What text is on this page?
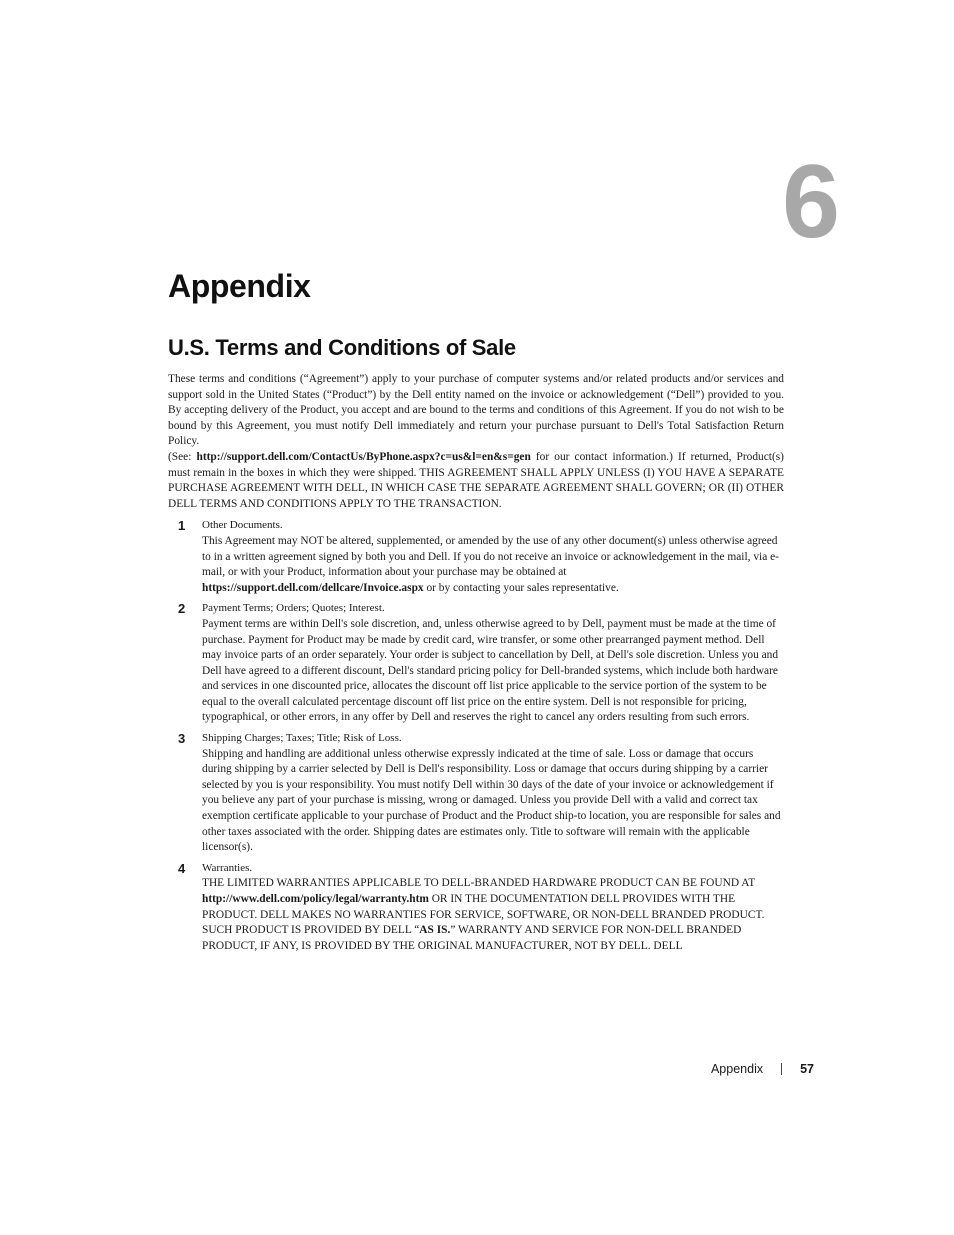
6
Appendix
U.S. Terms and Conditions of Sale

These terms and conditions (“Agreement”) apply to your purchase of computer systems and/or related products and/or services and support sold in the United States (“Product”) by the Dell entity named on the invoice or acknowledgement (“Dell”) provided to you. By accepting delivery of the Product, you accept and are bound to the terms and conditions of this Agreement. If you do not wish to be bound by this Agreement, you must notify Dell immediately and return your purchase pursuant to Dell's Total Satisfaction Return Policy.

(See: http://support.dell.com/ContactUs/ByPhone.aspx?c=us&l=en&s=gen for our contact information.) If returned, Product(s) must remain in the boxes in which they were shipped. THIS AGREEMENT SHALL APPLY UNLESS (I) YOU HAVE A SEPARATE PURCHASE AGREEMENT WITH DELL, IN WHICH CASE THE SEPARATE AGREEMENT SHALL GOVERN; OR (II) OTHER DELL TERMS AND CONDITIONS APPLY TO THE TRANSACTION.

1 Other Documents.

This Agreement may NOT be altered, supplemented, or amended by the use of any other document(s) unless otherwise agreed to in a written agreement signed by both you and Dell. If you do not receive an invoice or acknowledgement in the mail, via e-mail, or with your Product, information about your purchase may be obtained at https://support.dell.com/dellcare/Invoice.aspx or by contacting your sales representative.

2 Payment Terms; Orders; Quotes; Interest.

Payment terms are within Dell's sole discretion, and, unless otherwise agreed to by Dell, payment must be made at the time of purchase. Payment for Product may be made by credit card, wire transfer, or some other prearranged payment method. Dell may invoice parts of an order separately. Your order is subject to cancellation by Dell, at Dell's sole discretion. Unless you and Dell have agreed to a different discount, Dell's standard pricing policy for Dell-branded systems, which include both hardware and services in one discounted price, allocates the discount off list price applicable to the service portion of the system to be equal to the overall calculated percentage discount off list price on the entire system. Dell is not responsible for pricing, typographical, or other errors, in any offer by Dell and reserves the right to cancel any orders resulting from such errors.

3 Shipping Charges; Taxes; Title; Risk of Loss.

Shipping and handling are additional unless otherwise expressly indicated at the time of sale. Loss or damage that occurs during shipping by a carrier selected by Dell is Dell's responsibility. Loss or damage that occurs during shipping by a carrier selected by you is your responsibility. You must notify Dell within 30 days of the date of your invoice or acknowledgement if you believe any part of your purchase is missing, wrong or damaged. Unless you provide Dell with a valid and correct tax exemption certificate applicable to your purchase of Product and the Product ship-to location, you are responsible for sales and other taxes associated with the order. Shipping dates are estimates only. Title to software will remain with the applicable licensor(s).

4 Warranties.

THE LIMITED WARRANTIES APPLICABLE TO DELL-BRANDED HARDWARE PRODUCT CAN BE FOUND AT http://www.dell.com/policy/legal/warranty.htm OR IN THE DOCUMENTATION DELL PROVIDES WITH THE PRODUCT. DELL MAKES NO WARRANTIES FOR SERVICE, SOFTWARE, OR NON-DELL BRANDED PRODUCT. SUCH PRODUCT IS PROVIDED BY DELL “AS IS.” WARRANTY AND SERVICE FOR NON-DELL BRANDED PRODUCT, IF ANY, IS PROVIDED BY THE ORIGINAL MANUFACTURER, NOT BY DELL. DELL

Appendix	57
